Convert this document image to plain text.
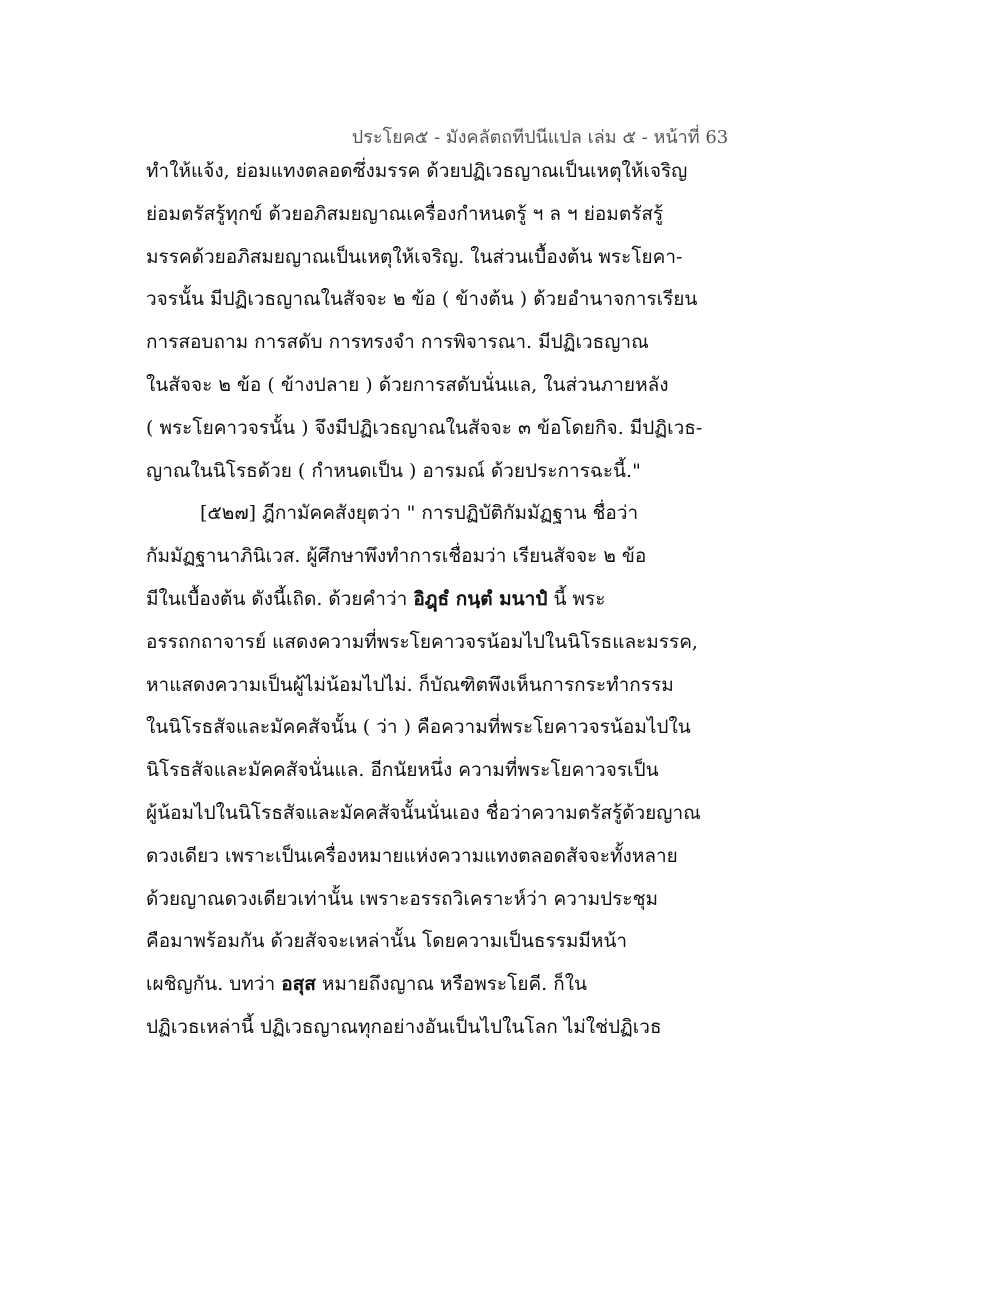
ประโยค๕ - มังคลัตถทีปนีแปล เล่ม ๕ - หน้าที่ 63
ทำให้แจ้ง, ย่อมแทงตลอดซึ่งมรรค ด้วยปฏิเวธญาณเป็นเหตุให้เจริญ
ย่อมตรัสรู้ทุกข์ ด้วยอภิสมยญาณเครื่องกำหนดรู้ ฯ ล ฯ ย่อมตรัสรู้
มรรคด้วยอภิสมยญาณเป็นเหตุให้เจริญ. ในส่วนเบื้องต้น พระโยคา-
วจรนั้น มีปฏิเวธญาณในสัจจะ ๒ ข้อ ( ข้างต้น ) ด้วยอำนาจการเรียน
การสอบถาม การสดับ การทรงจำ การพิจารณา. มีปฏิเวธญาณ
ในสัจจะ ๒ ข้อ ( ข้างปลาย ) ด้วยการสดับนั่นแล, ในส่วนภายหลัง
( พระโยคาวจรนั้น ) จึงมีปฏิเวธญาณในสัจจะ ๓ ข้อโดยกิจ. มีปฏิเวธ-
ญาณในนิโรธด้วย ( กำหนดเป็น ) อารมณ์ ด้วยประการฉะนี้."
[๕๒๗] ฎีกามัคคสังยุตว่า " การปฏิบัติกัมมัฏฐาน ชื่อว่า
กัมมัฏฐานาภินิเวส. ผู้ศึกษาพึงทำการเชื่อมว่า เรียนสัจจะ ๒ ข้อ
มีในเบื้องต้น ดังนี้เถิด. ด้วยคำว่า อิฎฺธํ กนฺตํ มนาปํ นี้ พระ
อรรถกถาจารย์ แสดงความที่พระโยคาวจรน้อมไปในนิโรธและมรรค,
หาแสดงความเป็นผู้ไม่น้อมไปไม่. ก็บัณฑิตพึงเห็นการกระทำกรรม
ในนิโรธสัจและมัคคสัจนั้น ( ว่า ) คือความที่พระโยคาวจรน้อมไปใน
นิโรธสัจและมัคคสัจนั่นแล. อีกนัยหนึ่ง ความที่พระโยคาวจรเป็น
ผู้น้อมไปในนิโรธสัจและมัคคสัจนั้นนั่นเอง ชื่อว่าความตรัสรู้ด้วยญาณ
ดวงเดียว เพราะเป็นเครื่องหมายแห่งความแทงตลอดสัจจะทั้งหลาย
ด้วยญาณดวงเดียวเท่านั้น เพราะอรรถวิเคราะห์ว่า ความประชุม
คือมาพร้อมกัน ด้วยสัจจะเหล่านั้น โดยความเป็นธรรมมีหน้า
เผชิญกัน. บทว่า อสุส หมายถึงญาณ หรือพระโยคี. ก็ใน
ปฏิเวธเหล่านี้ ปฏิเวธญาณทุกอย่างอันเป็นไปในโลก ไม่ใช่ปฏิเวธ
